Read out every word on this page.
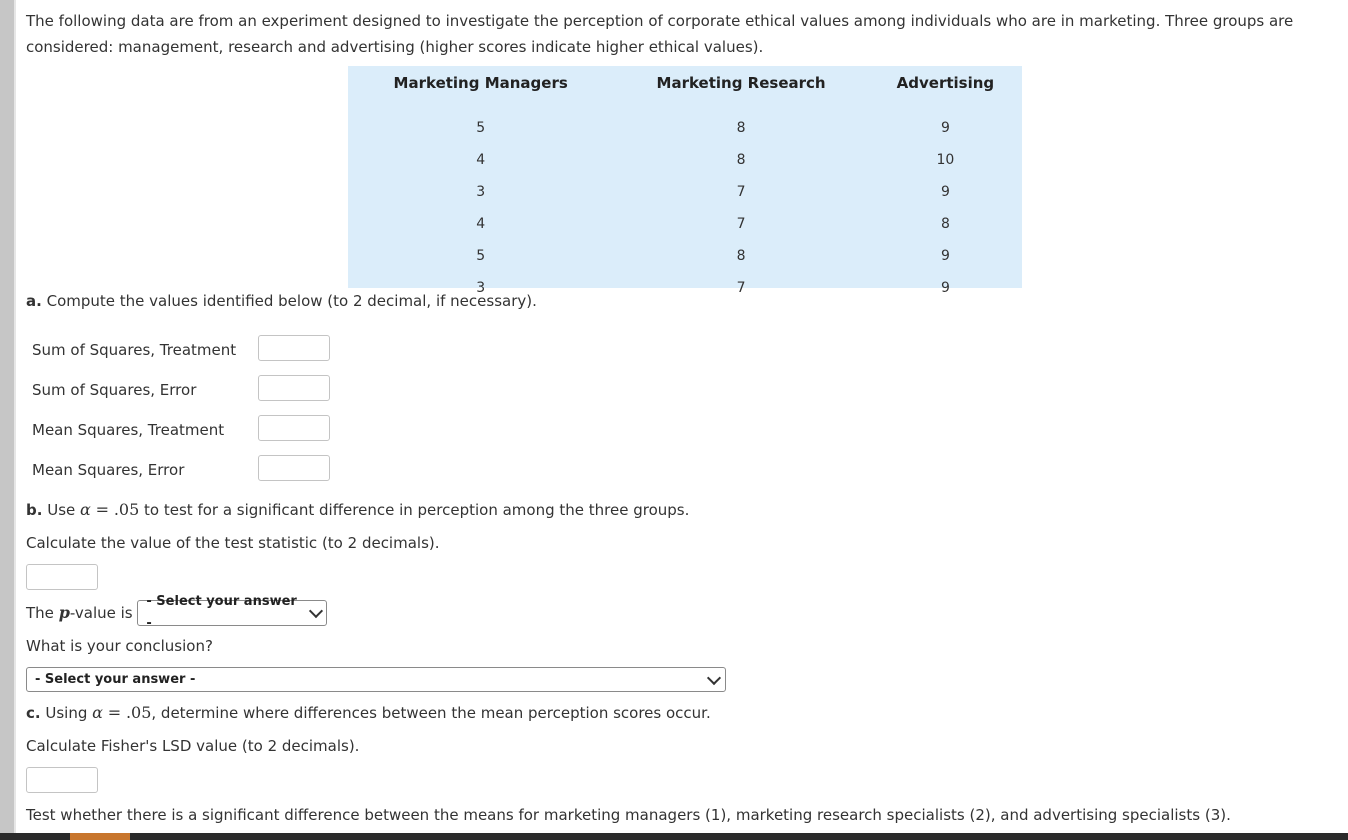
The following data are from an experiment designed to investigate the perception of corporate ethical values among individuals who are in marketing. Three groups are considered: management, research and advertising (higher scores indicate higher ethical values).

Marketing Managers	Marketing Research	Advertising

5	8	9
4	8	10
3	7	9
4	7	8
5	8	9
3	7	9

a. Compute the values identified below (to 2 decimal, if necessary).

Sum of Squares, Treatment
Sum of Squares, Error
Mean Squares, Treatment
Mean Squares, Error

b. Use α = .05 to test for a significant difference in perception among the three groups.

Calculate the value of the test statistic (to 2 decimals).

The
p -value is

- Select your answer -

What is your conclusion?

- Select your answer -

c. Using α = .05, determine where differences between the mean perception scores occur.

Calculate Fisher's LSD value (to 2 decimals).

Test whether there is a significant difference between the means for marketing managers (1), marketing research specialists (2), and advertising specialists (3).
